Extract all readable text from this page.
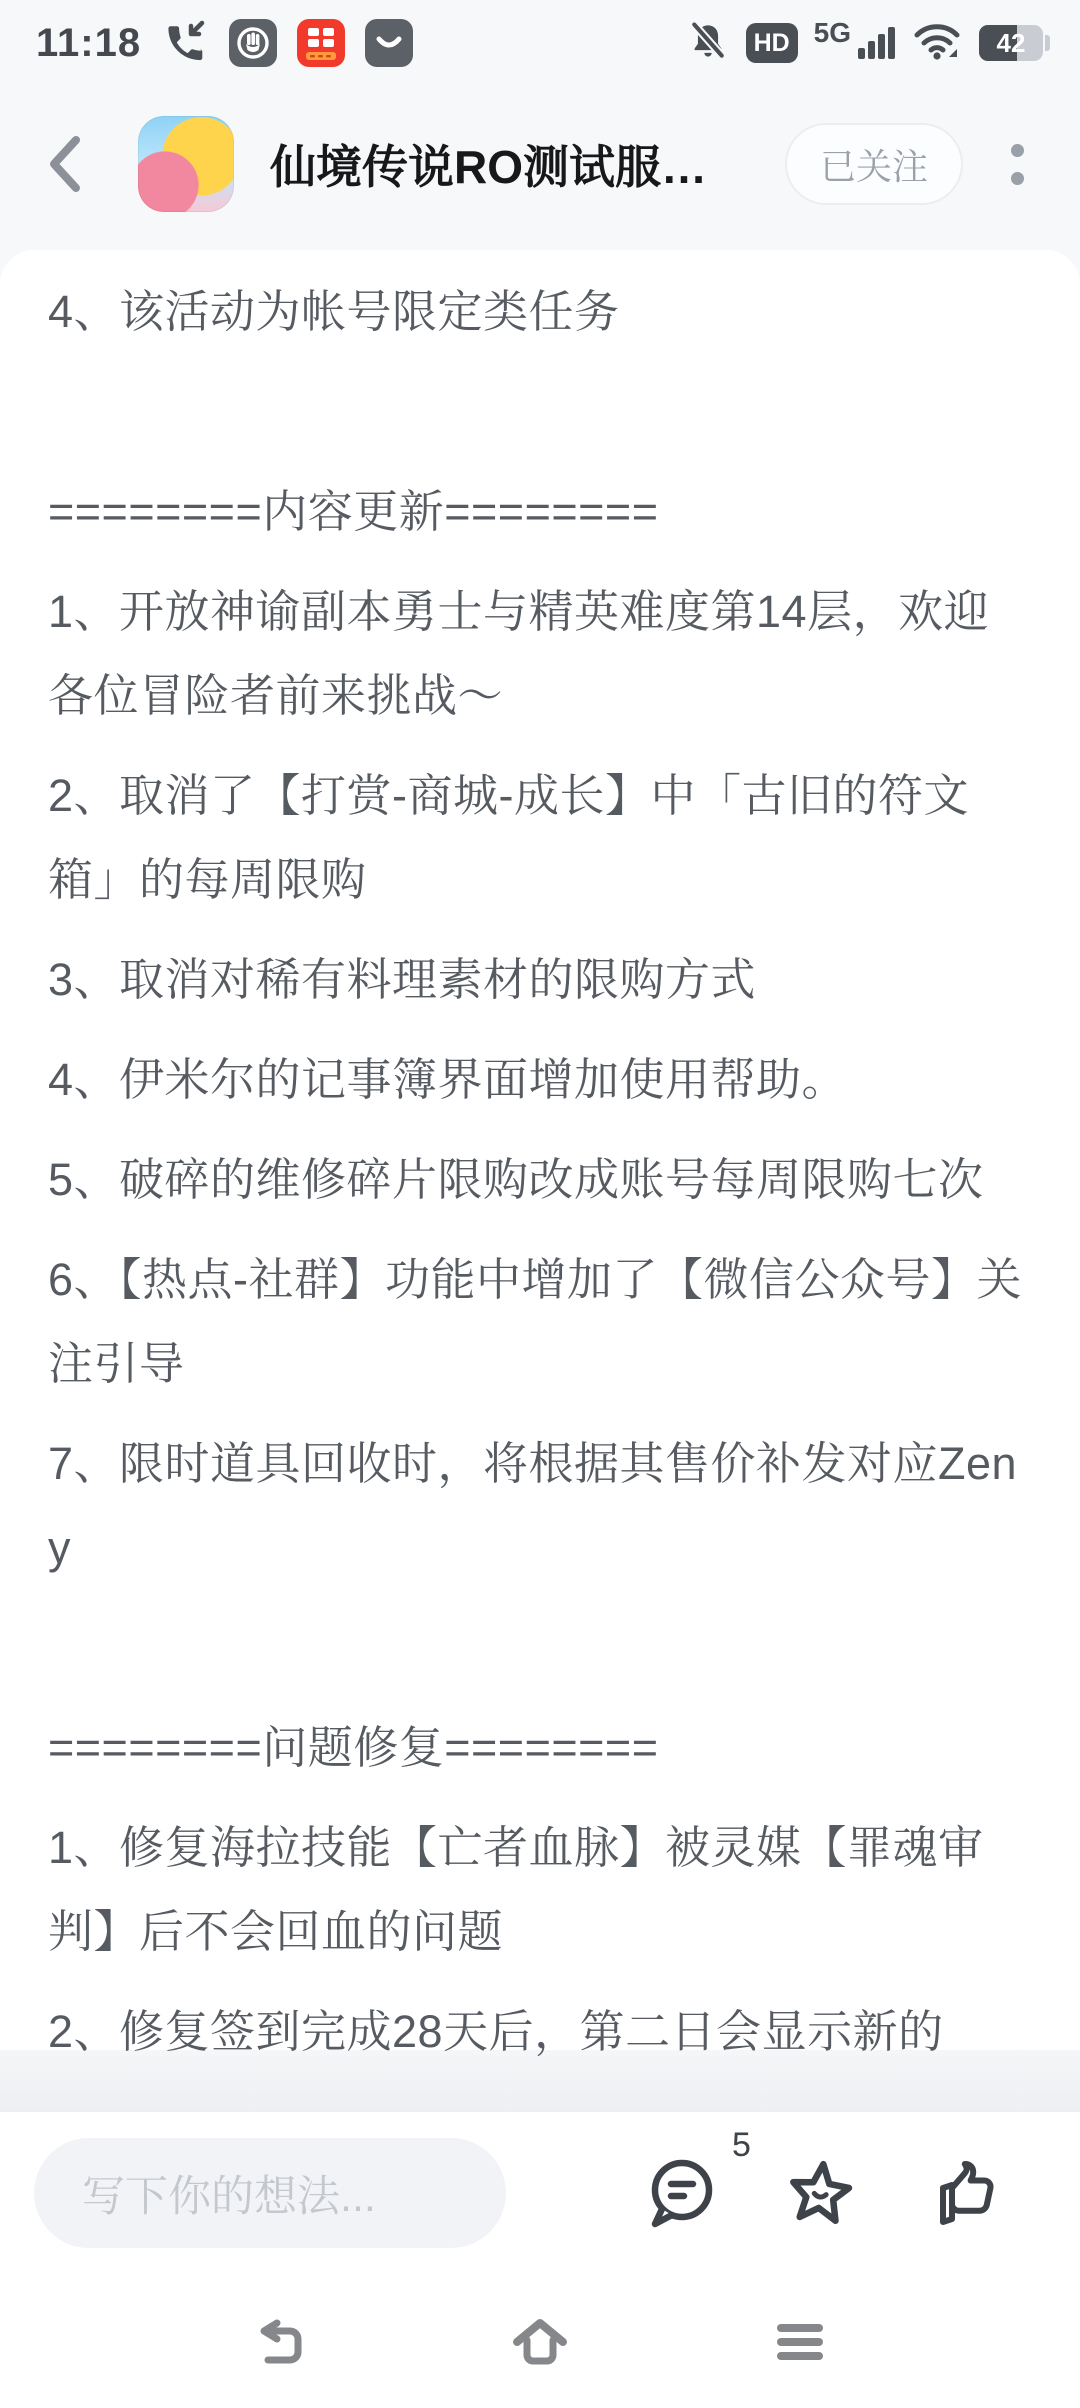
11:18	HD 5G	42
仙境传说RO测试服…	已关注

4、该活动为帐号限定类任务

========内容更新========

1、开放神谕副本勇士与精英难度第14层，欢迎各位冒险者前来挑战～

2、取消了【打赏-商城-成长】中「古旧的符文箱」的每周限购

3、取消对稀有料理素材的限购方式

4、伊米尔的记事簿界面增加使用帮助。

5、破碎的维修碎片限购改成账号每周限购七次

6、【热点-社群】功能中增加了【微信公众号】关注引导

7、限时道具回收时，将根据其售价补发对应Zeny

========问题修复========

1、修复海拉技能【亡者血脉】被灵媒【罪魂审判】后不会回血的问题

2、修复签到完成28天后，第二日会显示新的

写下你的想法...
5
